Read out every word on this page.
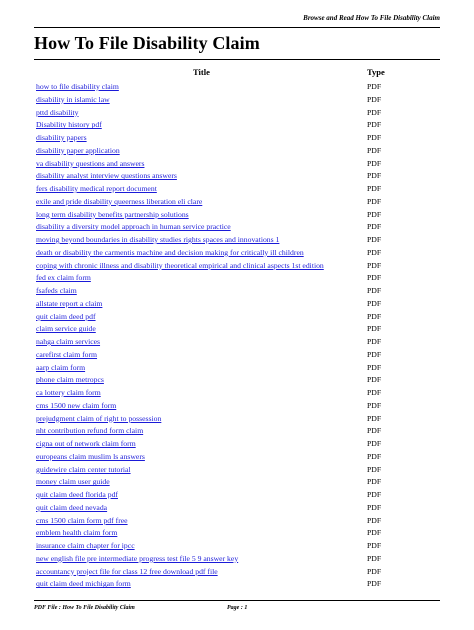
Browse and Read How To File Disability Claim
How To File Disability Claim
Title	Type
how to file disability claim	PDF
disability in islamic law	PDF
pttd disability	PDF
Disability history pdf	PDF
disability papers	PDF
disability paper application	PDF
va disability questions and answers	PDF
disability analyst interview questions answers	PDF
fers disability medical report document	PDF
exile and pride disability queerness liberation eli clare	PDF
long term disability benefits partnership solutions	PDF
disability a diversity model approach in human service practice	PDF
moving beyond boundaries in disability studies rights spaces and innovations 1	PDF
death or disability the carmentis machine and decision making for critically ill children	PDF
coping with chronic illness and disability theoretical empirical and clinical aspects 1st edition	PDF
fed ex claim form	PDF
fsafeds claim	PDF
allstate report a claim	PDF
quit claim deed pdf	PDF
claim service guide	PDF
nahga claim services	PDF
carefirst claim form	PDF
aarp claim form	PDF
phone claim metropcs	PDF
ca lottery claim form	PDF
cms 1500 new claim form	PDF
prejudgment claim of right to possession	PDF
nht contribution refund form claim	PDF
cigna out of network claim form	PDF
europeans claim muslim ls answers	PDF
guidewire claim center tutorial	PDF
money claim user guide	PDF
quit claim deed florida pdf	PDF
quit claim deed nevada	PDF
cms 1500 claim form pdf free	PDF
emblem health claim form	PDF
insurance claim chapter for ipcc	PDF
new english file pre intermediate progress test file 5 9 answer key	PDF
accountancy project file for class 12 free download pdf file	PDF
quit claim deed michigan form	PDF
PDF File : How To File Disability Claim	Page : 1
